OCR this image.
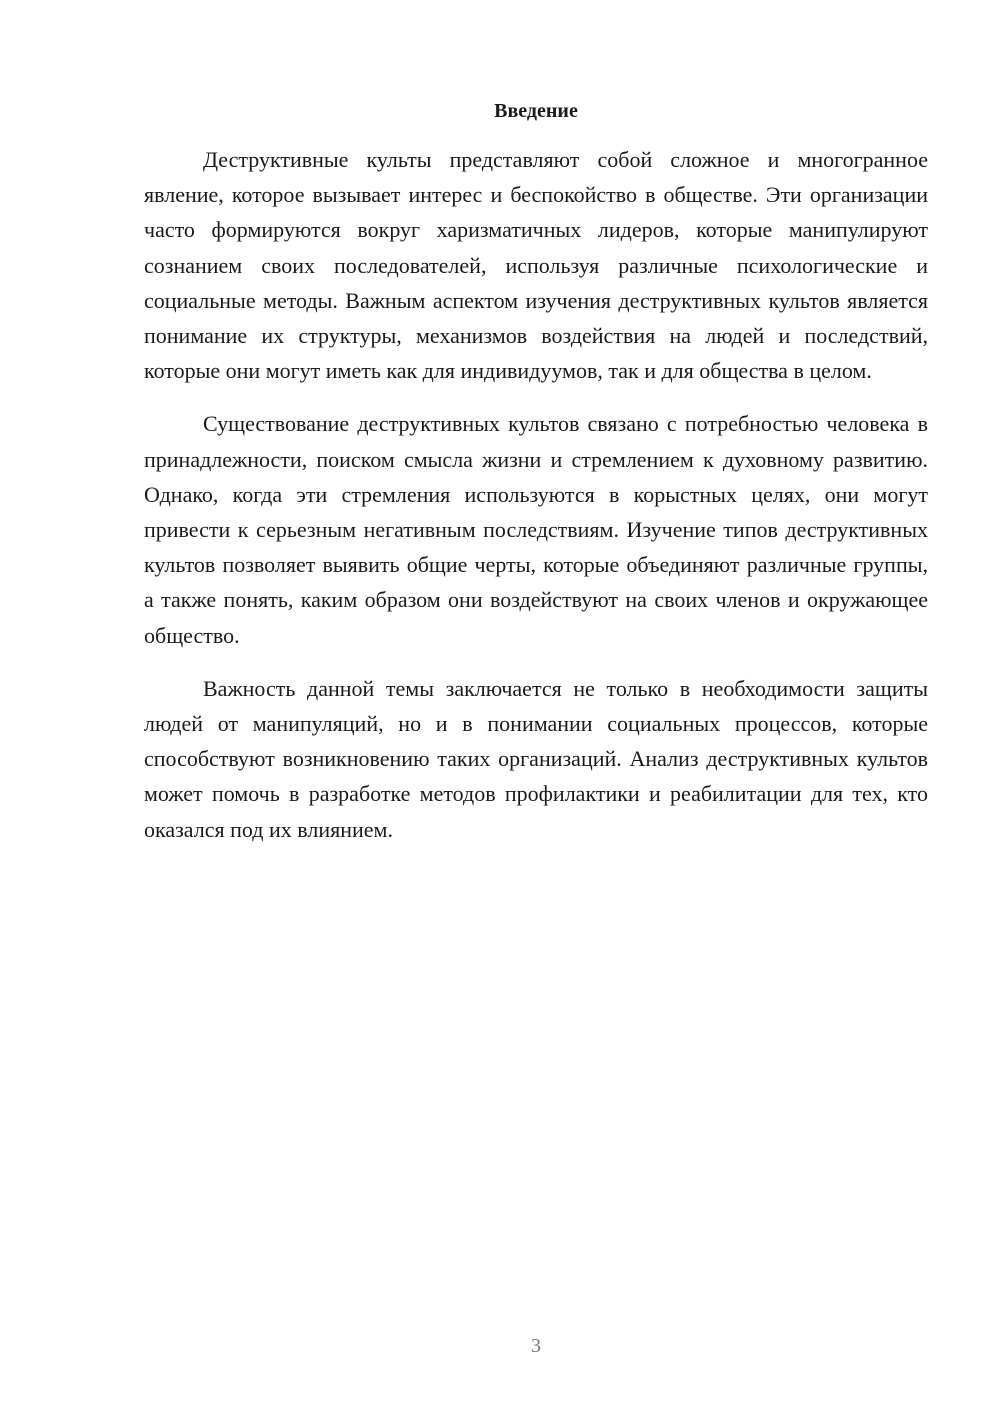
Введение

Деструктивные культы представляют собой сложное и многогранное явление, которое вызывает интерес и беспокойство в обществе. Эти организации часто формируются вокруг харизматичных лидеров, которые манипулируют сознанием своих последователей, используя различные психологические и социальные методы. Важным аспектом изучения деструктивных культов является понимание их структуры, механизмов воздействия на людей и последствий, которые они могут иметь как для индивидуумов, так и для общества в целом.

Существование деструктивных культов связано с потребностью человека в принадлежности, поиском смысла жизни и стремлением к духовному развитию. Однако, когда эти стремления используются в корыстных целях, они могут привести к серьезным негативным последствиям. Изучение типов деструктивных культов позволяет выявить общие черты, которые объединяют различные группы, а также понять, каким образом они воздействуют на своих членов и окружающее общество.

Важность данной темы заключается не только в необходимости защиты людей от манипуляций, но и в понимании социальных процессов, которые способствуют возникновению таких организаций. Анализ деструктивных культов может помочь в разработке методов профилактики и реабилитации для тех, кто оказался под их влиянием.

3
